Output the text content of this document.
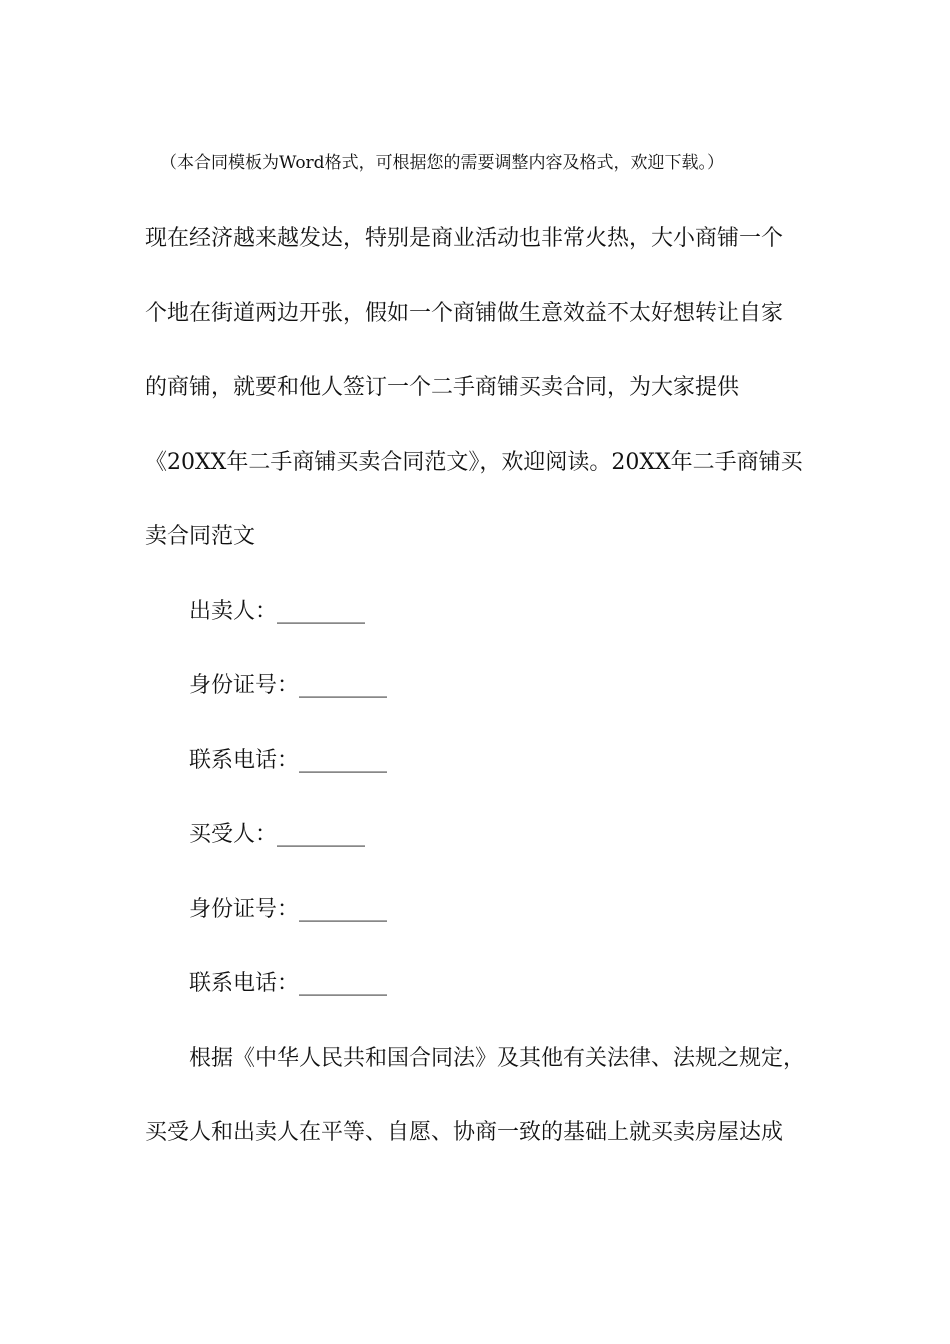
（本合同模板为Word格式，可根据您的需要调整内容及格式，欢迎下载。）
现在经济越来越发达，特别是商业活动也非常火热，大小商铺一个
个地在街道两边开张，假如一个商铺做生意效益不太好想转让自家
的商铺，就要和他人签订一个二手商铺买卖合同，为大家提供
《20XX年二手商铺买卖合同范文》，欢迎阅读。20XX年二手商铺买
卖合同范文
出卖人：________
身份证号：________
联系电话：________
买受人：________
身份证号：________
联系电话：________
根据《中华人民共和国合同法》及其他有关法律、法规之规定，
买受人和出卖人在平等、自愿、协商一致的基础上就买卖房屋达成
